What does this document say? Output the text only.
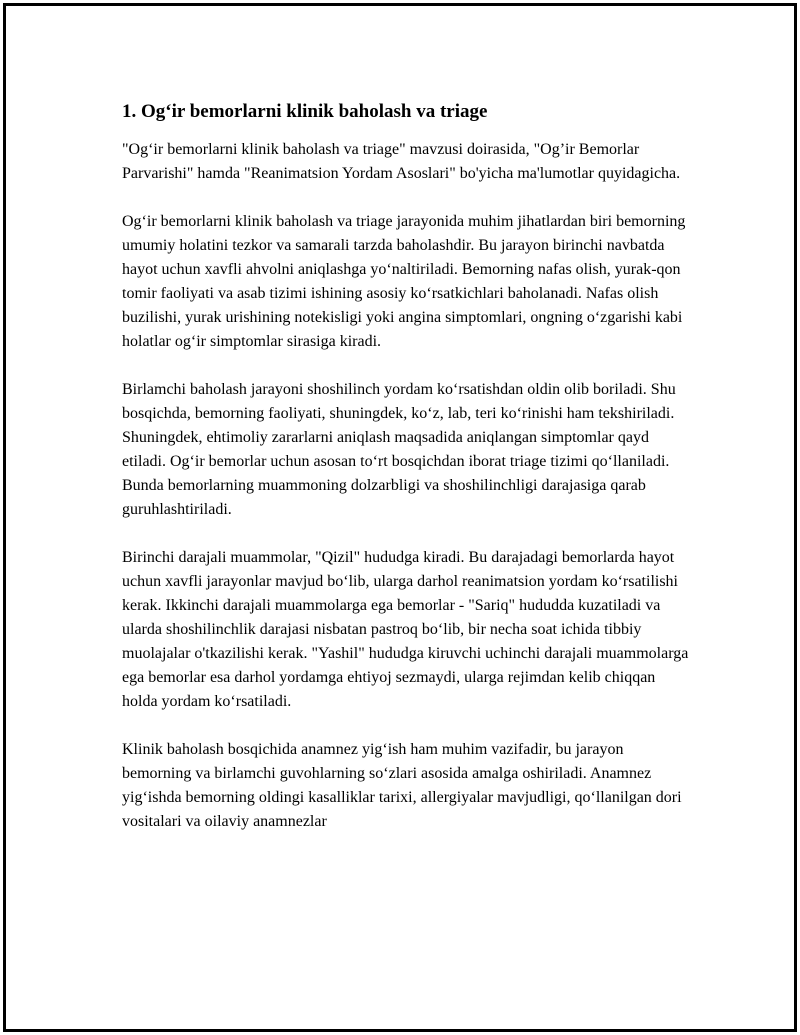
1. Og‘ir bemorlarni klinik baholash va triage

"Og‘ir bemorlarni klinik baholash va triage" mavzusi doirasida, "Og’ir Bemorlar Parvarishi" hamda "Reanimatsion Yordam Asoslari" bo'yicha ma'lumotlar quyidagicha.

Og‘ir bemorlarni klinik baholash va triage jarayonida muhim jihatlardan biri bemorning umumiy holatini tezkor va samarali tarzda baholashdir. Bu jarayon birinchi navbatda hayot uchun xavfli ahvolni aniqlashga yo‘naltiriladi. Bemorning nafas olish, yurak-qon tomir faoliyati va asab tizimi ishining asosiy ko‘rsatkichlari baholanadi. Nafas olish buzilishi, yurak urishining notekisligi yoki angina simptomlari, ongning o‘zgarishi kabi holatlar og‘ir simptomlar sirasiga kiradi.

Birlamchi baholash jarayoni shoshilinch yordam ko‘rsatishdan oldin olib boriladi. Shu bosqichda, bemorning faoliyati, shuningdek, ko‘z, lab, teri ko‘rinishi ham tekshiriladi. Shuningdek, ehtimoliy zararlarni aniqlash maqsadida aniqlangan simptomlar qayd etiladi. Og‘ir bemorlar uchun asosan to‘rt bosqichdan iborat triage tizimi qo‘llaniladi. Bunda bemorlarning muammoning dolzarbligi va shoshilinchligi darajasiga qarab guruhlashtiriladi.

Birinchi darajali muammolar, "Qizil" hududga kiradi. Bu darajadagi bemorlarda hayot uchun xavfli jarayonlar mavjud bo‘lib, ularga darhol reanimatsion yordam ko‘rsatilishi kerak. Ikkinchi darajali muammolarga ega bemorlar - "Sariq" hududda kuzatiladi va ularda shoshilinchlik darajasi nisbatan pastroq bo‘lib, bir necha soat ichida tibbiy muolajalar o'tkazilishi kerak. "Yashil" hududga kiruvchi uchinchi darajali muammolarga ega bemorlar esa darhol yordamga ehtiyoj sezmaydi, ularga rejimdan kelib chiqqan holda yordam ko‘rsatiladi.

Klinik baholash bosqichida anamnez yig‘ish ham muhim vazifadir, bu jarayon bemorning va birlamchi guvohlarning so‘zlari asosida amalga oshiriladi. Anamnez yig‘ishda bemorning oldingi kasalliklar tarixi, allergiyalar mavjudligi, qo‘llanilgan dori vositalari va oilaviy anamnezlar
